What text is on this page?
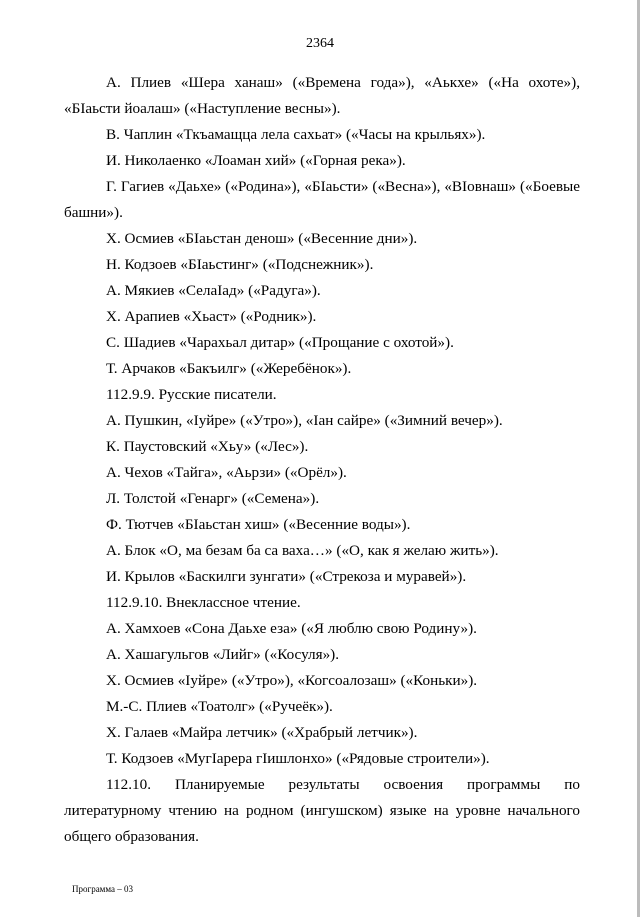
2364

А. Плиев «Шера ханаш» («Времена года»), «Аькхе» («На охоте»), «БIаьсти йоалаш» («Наступление весны»).

В. Чаплин «Ткъамащца лела сахьат» («Часы на крыльях»).

И. Николаенко «Лоаман хий» («Горная река»).

Г. Гагиев «Даьхе» («Родина»), «БIаьсти» («Весна»), «ВIовнаш» («Боевые башни»).

Х. Осмиев «БIаьстан денош» («Весенние дни»).

Н. Кодзоев «БIаьстинг» («Подснежник»).

А. Мякиев «СелаIад» («Радуга»).

Х. Арапиев «Хьаст» («Родник»).

С. Шадиев «Чарахьал дитар» («Прощание с охотой»).

Т. Арчаков «Бакъилг» («Жеребёнок»).

112.9.9. Русские писатели.

А. Пушкин, «Iуйре» («Утро»), «Iан сайре» («Зимний вечер»).

К. Паустовский «Хьу» («Лес»).

А. Чехов «Тайга», «Аьрзи» («Орёл»).

Л. Толстой «Генарг» («Семена»).

Ф. Тютчев «БIаьстан хиш» («Весенние воды»).

А. Блок «О, ма безам ба са ваха…» («О, как я желаю жить»).

И. Крылов «Баскилги зунгати» («Стрекоза и муравей»).

112.9.10. Внеклассное чтение.

А. Хамхоев «Сона Даьхе еза» («Я люблю свою Родину»).

А. Хашагульгов «Лийг» («Косуля»).

Х. Осмиев «Iуйре» («Утро»), «Когсоалозаш» («Коньки»).

М.-С. Плиев «Тоатолг» («Ручеёк»).

Х. Галаев «Майра летчик» («Храбрый летчик»).

Т. Кодзоев «МугIарера гIишлонхо» («Рядовые строители»).

112.10. Планируемые результаты освоения программы по литературному чтению на родном (ингушском) языке на уровне начального общего образования.

Программа – 03
